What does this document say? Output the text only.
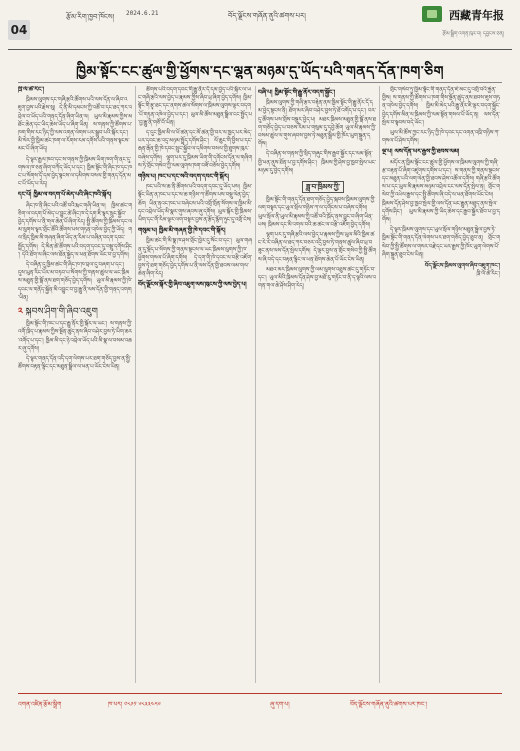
04
རྩོམ་རིག་ཁྱབ་ཁོངས། 2024.6.21	བོད་ལྗོངས་གཞོན་ནུའི་ཚགས་པར།	西藏青年报
རྩོམ་སྒྲིག་འགན་ཁུར་བ། དབྱངས་ཅན།
ཁྱིམ་སྟོང་ངང་ཚུལ་གྱི་ཕྱོགས་དང་ལྷན་མཉམ་དུ་ཡོད་པའི་གནད་དོན་ཁག་ཅིག
ཁྲི་ལོ་ཚེ་རིང་།

ཁྲིམས་ལུགས་དང་གཞི་རྩའི་ཚོགས་པའི་ལས་དོན་ལ་ཞིབ་འཇུག་བྱས་པའི་རྗེས་སུ། དེ་ནི་མི་དམངས་ཀྱི་འཚོ་བ་དང་ཐད་ཀར་འབྲེལ་བ་ཡོད་པའི་གནད་དོན་ཞིག་ཡིན་ལ། ཡུལ་མི་རྣམས་ཀྱིས་མཐོང་ཆེན་དང་ཡིད་ཆེས་ཡོད་པ་ཞིག་ཡིན། ས་གནས་ཀྱི་ཚོགས་པ་ཁག་གིས་རང་ཉིད་ཀྱི་ལས་འགན་ལེགས་པར་སྒྲུབ་པའི་སྐོར་དང་། མི་སེར་གྱི་ཁྱིམ་ཚང་ཁག་ལ་རོགས་རམ་དགོས་པའི་གནས་སྟངས་མང་པོ་ཞིག་ཡོད།

དེ་ལྟར་རྒྱལ་ཁབ་དང་ས་གནས་ཀྱི་ཁྲིམས་ཡིག་ཁག་གི་ནང་དུ་གསལ་ཁ་ཅན་ཞིག་བཀོད་ཡོད་པ་དང་། ཁྱིམ་སྟོང་གི་ཞིང་ཁ་དང་ཁང་པ་སོགས་དོ་དམ་བྱེད་སྟངས་ལ་དམིགས་བསལ་གྱི་གནད་དོན་མང་པོ་ཡོད་པ་རེད།

དང་པོ། ཁྱིམ་ལ་བདག་པོ་མེད་པའི་ཞིང་ཁའི་སྐོར།

ཞིང་ཁ་ནི་ཞིང་པའི་འཚོ་བའི་རྨང་གཞི་ཡིན་ལ། ཁྱིམ་ཚང་གཅིག་ལ་བདག་པོ་མེད་པ་བྱུང་ཚེ་ཞིང་ཁ་དེ་དག་ཇི་ལྟར་སྲུང་སྐྱོབ་བྱེད་དགོས་པ་ནི་གལ་ཆེན་པོ་ཞིག་རེད། སྤྱི་ཚོགས་ཀྱི་ཁྲིམས་དང་ལམ་ལུགས་ལྟར་གྲོང་ཚོའི་ཚོགས་པས་གཏན་འཁེལ་བྱེད་ཀྱི་ཡོད། གལ་སྲིད་ཁྱིམ་མི་གཞན་ཞིག་ཡོད་ན་རིམ་པ་བཞིན་བདག་དབང་སྤྲོད་དགོས། དེ་མིན་ཚེ་ཚོགས་པའི་བདག་དབང་དུ་བསྡུ་དགོས་ཤིང་། དེའི་ཐོག་ལ་ཞིང་ལས་ཐོན་སྐྱེད་ལ་ཕན་ཐོགས་ཡོང་བ་བྱ་དགོས།

དེ་བཞིན་དུ་ཁྱིམ་ཚང་གི་ཞིང་ཁ་ཁ་བྲལ་དུ་བཞག་པ་དང་། དུས་ཡུན་རིང་པོར་མ་བཏབ་པ་སོགས་ཀྱི་གནས་ཚུལ་ལ་ཡང་ཁྲིམས་མཐུན་གྱི་སྒོ་ནས་ཐག་གཅོད་བྱེད་དགོས། ཡུལ་མི་རྣམས་ཀྱི་ཁེ་དབང་ལ་གནོད་སྐྱོན་མི་འབྱུང་བ་བྱ་རྒྱུ་ནི་ལས་དོན་གྱི་གནད་འགག་ཡིན།

༢ སྐབས་ཤིག་གི་ཞིབ་འཇུག

ཁྱིམ་སྟོང་གི་ཁང་པ་དང་རྒྱུ་ནོར་གྱི་སྐོར་ལ་ཡང་། ས་གནས་ཀྱི་འགོ་ཁྲིད་པ་རྣམས་ཀྱིས་སྔོན་ཚུད་ནས་ཞིབ་བཤེར་བྱས་ཏེ་ཡིག་ཆར་འགོད་པ་དང་། ཁྱིམ་མི་དང་ཉེ་འབྲེལ་ཡོད་པའི་མི་སྣ་ལ་བསམ་འཆར་ཞུ་དགོས།

དེ་ལྟར་གནད་དོན་འདི་དག་ལེགས་པར་ཐག་གཅོད་བྱས་ན་སྤྱི་ཚོགས་བརྟན་ལྷིང་དང་མཐུན་སྒྲིལ་ལ་ཕན་པ་ཡོང་ངེས་ཡིན།

ཚོགས་པའི་བདག་དབང་གི་རྒྱུ་ནོར་དོ་དམ་བྱེད་པའི་སྐོར་ལ་ཡང་གཞི་རྩའི་ལས་བྱེད་པ་རྣམས་ཀྱིས་ཞིབ་ཕྲ་ཞིག་བྱེད་དགོས། ཁྱིམ་སྟོང་གི་རྩྭ་ཐང་དང་ནགས་ཚལ་སོགས་ལ་ཁྲིམས་ལུགས་ལྟར་བདག་པོ་གཏན་འཁེལ་བྱེད་པ་དང་། ཡུལ་མི་ཚོས་མཐུན་སྒྲིལ་ངང་སྤྱོད་པ་བྱ་རྒྱུ་ནི་གཙོ་བོ་ཡིན།

ད་དུང་ཁྱིམ་མི་ལ་ཕོ་ཚན་དང་མོ་ཚན་གྱི་བར་ལ་ཁྱད་པར་མེད་པར་དབང་ཆ་འདྲ་མཉམ་སྤྲོད་དགོས་ཤིང་། ལོ་ཆུང་གི་བྱིས་པ་དང་རྒན་རྒོན་གྱི་ཁེ་དབང་སྲུང་སྐྱོབ་ལ་དམིགས་བསལ་གྱི་ཐུགས་ཁུར་བཞེས་དགོས། ལྷག་པར་དུ་ཁྲིམས་ཡིག་གི་དགོངས་དོན་ལ་གཞིགས་ཏེ་གྲོང་གསེབ་ཀྱི་ལམ་ལུགས་ཁག་བཟོ་བཅོས་བྱེད་དགོས།

གཉིས་པ། ཁང་པ་དང་སའི་བདག་དབང་གི་སྐོར།

ཁང་པའི་ས་ཆ་ནི་ཚོགས་པའི་བདག་དབང་དུ་ཡོད་པས། ཁྱིམ་སྟོང་ཡིན་ན་ཁང་པ་དང་ས་ཆ་གཉིས་ཀ་ཚོགས་པས་བསྡུ་ལེན་བྱེད་ཆོག ཡིན་ནའང་ཁང་པ་བཞེངས་པའི་འགྲོ་གྲོན་སོགས་ལ་ཁྱིམ་མི་དང་འབྲེལ་ཡོད་མི་སྣར་གུས་ཞབས་ཞུ་དགོས། ཡུལ་སྐོར་གྱི་ཁྲིམས་ཡིག་དང་གོ་རིམ་ལྟར་ལག་བསྟར་བྱས་ན་རྩོད་རྙོག་ཉུང་དུ་འགྲོ་ངེས།

གསུམ་པ། ཁྱིམ་མི་གཞན་གྱི་ཁེ་དབང་གི་སྐོར།

ཁྱིམ་ཚང་གི་མི་སྣ་ཁ་ཤས་གྲོང་ཁྱེར་དུ་སོང་བ་དང་། ཡུལ་གཞན་དུ་སྡོད་པ་སོགས་ཀྱི་གནས་སྟངས་ལ་ཡང་ཁྲིམས་ལུགས་ཀྱི་ཁ་ཕྱོགས་གསལ་པོ་ཞིག་དགོས། དེ་དག་གི་ཁེ་དབང་ལ་བརྩི་འཇོག་བྱས་ཏེ་ཐག་གཅོད་བྱེད་དགོས་པ་ནི་ལས་དོན་གྱི་ཐབས་ལམ་གལ་ཆེན་ཞིག་རེད།

བོད་ལྗོངས་སྐོར་གྱི་ཞིབ་འཇུག་ལས་ཁུངས་ཀྱི་ལས་བྱེད་པ།
བཞི་པ། ཁྱིམ་སྟོང་གི་རྒྱུ་ནོར་བདག་སྐྱོང་།

ཁྲིམས་ལུགས་ཀྱི་གཞི་རྩར་བརྟེན་ནས་ཁྱིམ་སྟོང་གི་རྒྱུ་ནོར་དོ་དམ་བྱེད་སྟངས་ནི། ཐོག་མར་ཞིབ་བཤེར་བྱས་ཏེ་ཐོ་འགོད་པ་དང་། བར་དུ་ཚོགས་པས་གྲོས་བསྡུར་བྱེད་པ། མཐར་ཁྲིམས་མཐུན་གྱི་སྒོ་ནས་ཐག་གཅོད་བྱེད་པ་བཅས་རིམ་པ་གསུམ་དུ་དབྱེ་ཆོག ཡུལ་མི་རྣམས་ཀྱི་བསམ་ཚུལ་ལ་གུས་ཞབས་བྱས་ཏེ་མཐུན་སྒྲིལ་གྱི་ཁོར་ཡུག་སྐྲུན་དགོས།

དེ་བཞིན་ས་གནས་ཀྱི་སྲིད་གཞུང་གིས་རྒྱབ་སྐྱོར་དང་ལམ་སྟོན་གྱི་ཕན་ནུས་ཐོན་པ་བྱ་དགོས་ཤིང་། ཁྲིམས་ཀྱི་ཤེས་བྱ་ཁྱབ་སྤེལ་ཡང་མཉམ་དུ་བྱེད་དགོས།

ཟླ་བ་ཁྲིམས་ཀྱི་

ཁྱིམ་སྟོང་གི་གནད་དོན་ཐག་གཅོད་བྱེད་སྐབས་ཁྲིམས་ལུགས་ཀྱི་ལག་བསྟར་དང་ཡུལ་སྲོལ་གཉིས་ཀ་ལ་དགོངས་པ་བཞེས་དགོས། ཡུལ་སྲོལ་ནི་ཡུལ་མི་རྣམས་ཀྱི་འཚོ་བའི་ཁྲོད་ནས་བྱུང་བ་ཞིག་ཡིན་པས། ཁྲིམས་དང་མི་འགལ་བའི་ཆ་ཚང་ལ་བརྩི་འཇོག་བྱེད་དགོས།

ལྷག་པར་དུ་གཞི་རྩའི་ལས་བྱེད་པ་རྣམས་ཀྱིས་ཡུལ་མིའི་ཁྱིམ་ཚང་རེ་རེ་བཞིན་ལ་ཐད་ཀར་བཅར་འདྲི་བྱས་ཏེ་གནས་ཚུལ་ཞིབ་ཕྲ་བཟུང་ནས་ལས་དོན་སྤེལ་དགོས། དེ་ལྟར་བྱས་ན་གྲོང་གསེབ་ཀྱི་སྤྱི་ཚོགས་ཞི་བདེ་དང་བརྟན་ལྷིང་ལ་ཕན་ཐོགས་ཆེན་པོ་ཡོང་ངེས་ཡིན།

མཐའ་མར་ཁྲིམས་ལུགས་ཀྱི་ལམ་ལུགས་འཐུས་ཚང་དུ་གཏོང་བ་དང་། ཡུལ་མིའི་ཁྲིམས་དོན་ཤེས་བྱ་མཐོ་རུ་གཏོང་བ་ནི་ད་ལྟའི་ལས་འགན་གལ་ཆེ་ཤོས་ཤིག་རེད།

གྲོང་གསེབ་ཏུ་ཁྱིམ་སྟོང་གི་གནད་དོན་ཇེ་མང་དུ་འགྲོ་བའི་རྐྱེན་གྱིས། ས་གནས་ཀྱི་ཚོགས་པ་ཁག་གིས་སྔོན་ཚུད་ནས་ཐབས་ཇུས་གཏན་འཁེལ་བྱེད་དགོས། ཁྱིམ་མི་མེད་པའི་རྒྱུ་ནོར་ཇི་ལྟར་བདག་སྐྱོང་བྱེད་དགོས་མིན་ལ་ཁྲིམས་ཀྱི་ལམ་སྟོན་གསལ་པོ་ཡོད་ན། ལས་དོན་སྤེལ་བ་སྟབས་བདེ་ཡོང་།

ཡུལ་མི་ཚོས་ཀྱང་རང་ཉིད་ཀྱི་ཁེ་དབང་དང་འགན་འཁྲི་གཉིས་ཀ་གསལ་པོ་ཤེས་དགོས།

ལྔ་པ། ལས་དོན་ཡར་རྒྱས་ཀྱི་ཐབས་ལམ།

མདོར་ན་ཁྱིམ་སྟོང་ངང་ཚུལ་གྱི་ཕྱོགས་ལ་ཁྲིམས་ལུགས་ཀྱི་གཞི་རྩ་བརྟན་པོ་ཞིག་འཛུགས་དགོས་པ་དང་། ས་གནས་ཀྱི་གནས་སྟངས་དང་མཐུན་པའི་ལག་ལེན་གྱི་ཐབས་ཤེས་འཚོལ་དགོས། གཞི་རྩའི་ཚོགས་པ་དང་ཡུལ་མི་རྣམས་མཉམ་འབྲེལ་ངང་ལས་དོན་སྤེལ་ན། གྲོང་གསེབ་ཀྱི་འཕེལ་རྒྱས་དང་སྤྱི་ཚོགས་ཞི་བདེ་ལ་ཕན་ཐོགས་ཡོང་ངེས། ཁྲིམས་དོན་ཤེས་བྱ་ཁྱབ་སྤེལ་གྱི་ལས་དོན་ཡང་རྒྱུན་མཐུད་ནས་སྤེལ་དགོས་ཤིང་། ཡུལ་མི་རྣམས་ཀྱི་ཡིད་ཆེས་དང་རྒྱབ་སྐྱོར་ཐོབ་པ་བྱ་དགོས།

དེ་ལྟར་ཁྲིམས་ལུགས་དང་ཡུལ་སྲོལ་གཉིས་མཐུན་སྦྲེལ་བྱས་ཏེ་ཁྱིམ་སྟོང་གི་གནད་དོན་ལེགས་པར་ཐག་གཅོད་བྱེད་ཐུབ་ན། གྲོང་གསེབ་ཀྱི་སྤྱི་ཚོགས་ལ་གསར་བརྗེ་དང་ཡར་རྒྱས་ཀྱི་ཁོར་ཡུག་ལེགས་པོ་ཞིག་སྐྲུན་ཐུབ་ངེས་ཡིན།

བོད་ལྗོངས་ཁྲིམས་ལུགས་ཞིབ་འཇུག་ཁང་།
ཁྲི་ལོ་ཚེ་རིང་།
འགན་འཛིན་རྩོམ་སྒྲིག	ཁ་པར། ༠༨༩༡ ༦༨༣༣༤༥༦	ཞུ་དག་པ།	བོད་ལྗོངས་གཞོན་ནུའི་ཚགས་པར་ཁང་།
